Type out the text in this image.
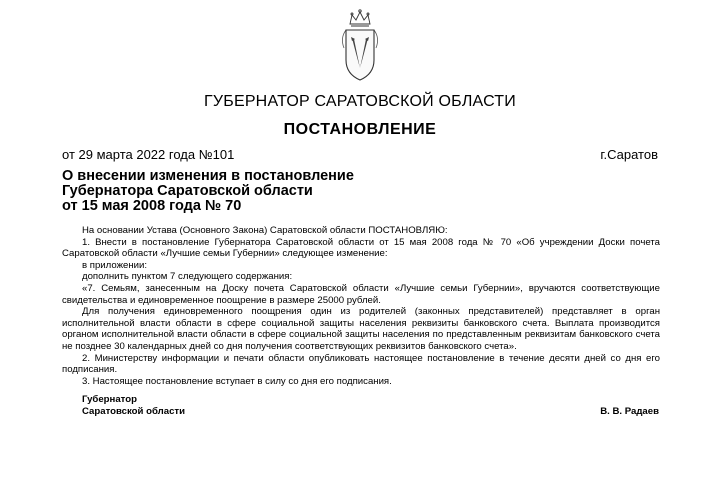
ГУБЕРНАТОР САРАТОВСКОЙ ОБЛАСТИ
ПОСТАНОВЛЕНИЕ
от 29 марта 2022 года №101	г.Саратов
О внесении изменения в постановление
Губернатора Саратовской области
от 15 мая 2008 года № 70

На основании Устава (Основного Закона) Саратовской области ПОСТАНОВЛЯЮ:

1. Внести в постановление Губернатора Саратовской области от 15 мая 2008 года № 70 «Об учреждении Доски почета Саратовской области «Лучшие семьи Губернии» следующее изменение:

в приложении:

дополнить пунктом 7 следующего содержания:

«7. Семьям, занесенным на Доску почета Саратовской области «Лучшие семьи Губернии», вручаются соответствующие свидетельства и единовременное поощрение в размере 25000 рублей.

Для получения единовременного поощрения один из родителей (законных представителей) представляет в орган исполнительной власти области в сфере социальной защиты населения реквизиты банковского счета. Выплата производится органом исполнительной власти области в сфере социальной защиты населения по представленным реквизитам банковского счета не позднее 30 календарных дней со дня получения соответствующих реквизитов банковского счета».

2. Министерству информации и печати области опубликовать настоящее постановление в течение десяти дней со дня его подписания.

3. Настоящее постановление вступает в силу со дня его подписания.

Губернатор
Саратовской области	В. В. Радаев
